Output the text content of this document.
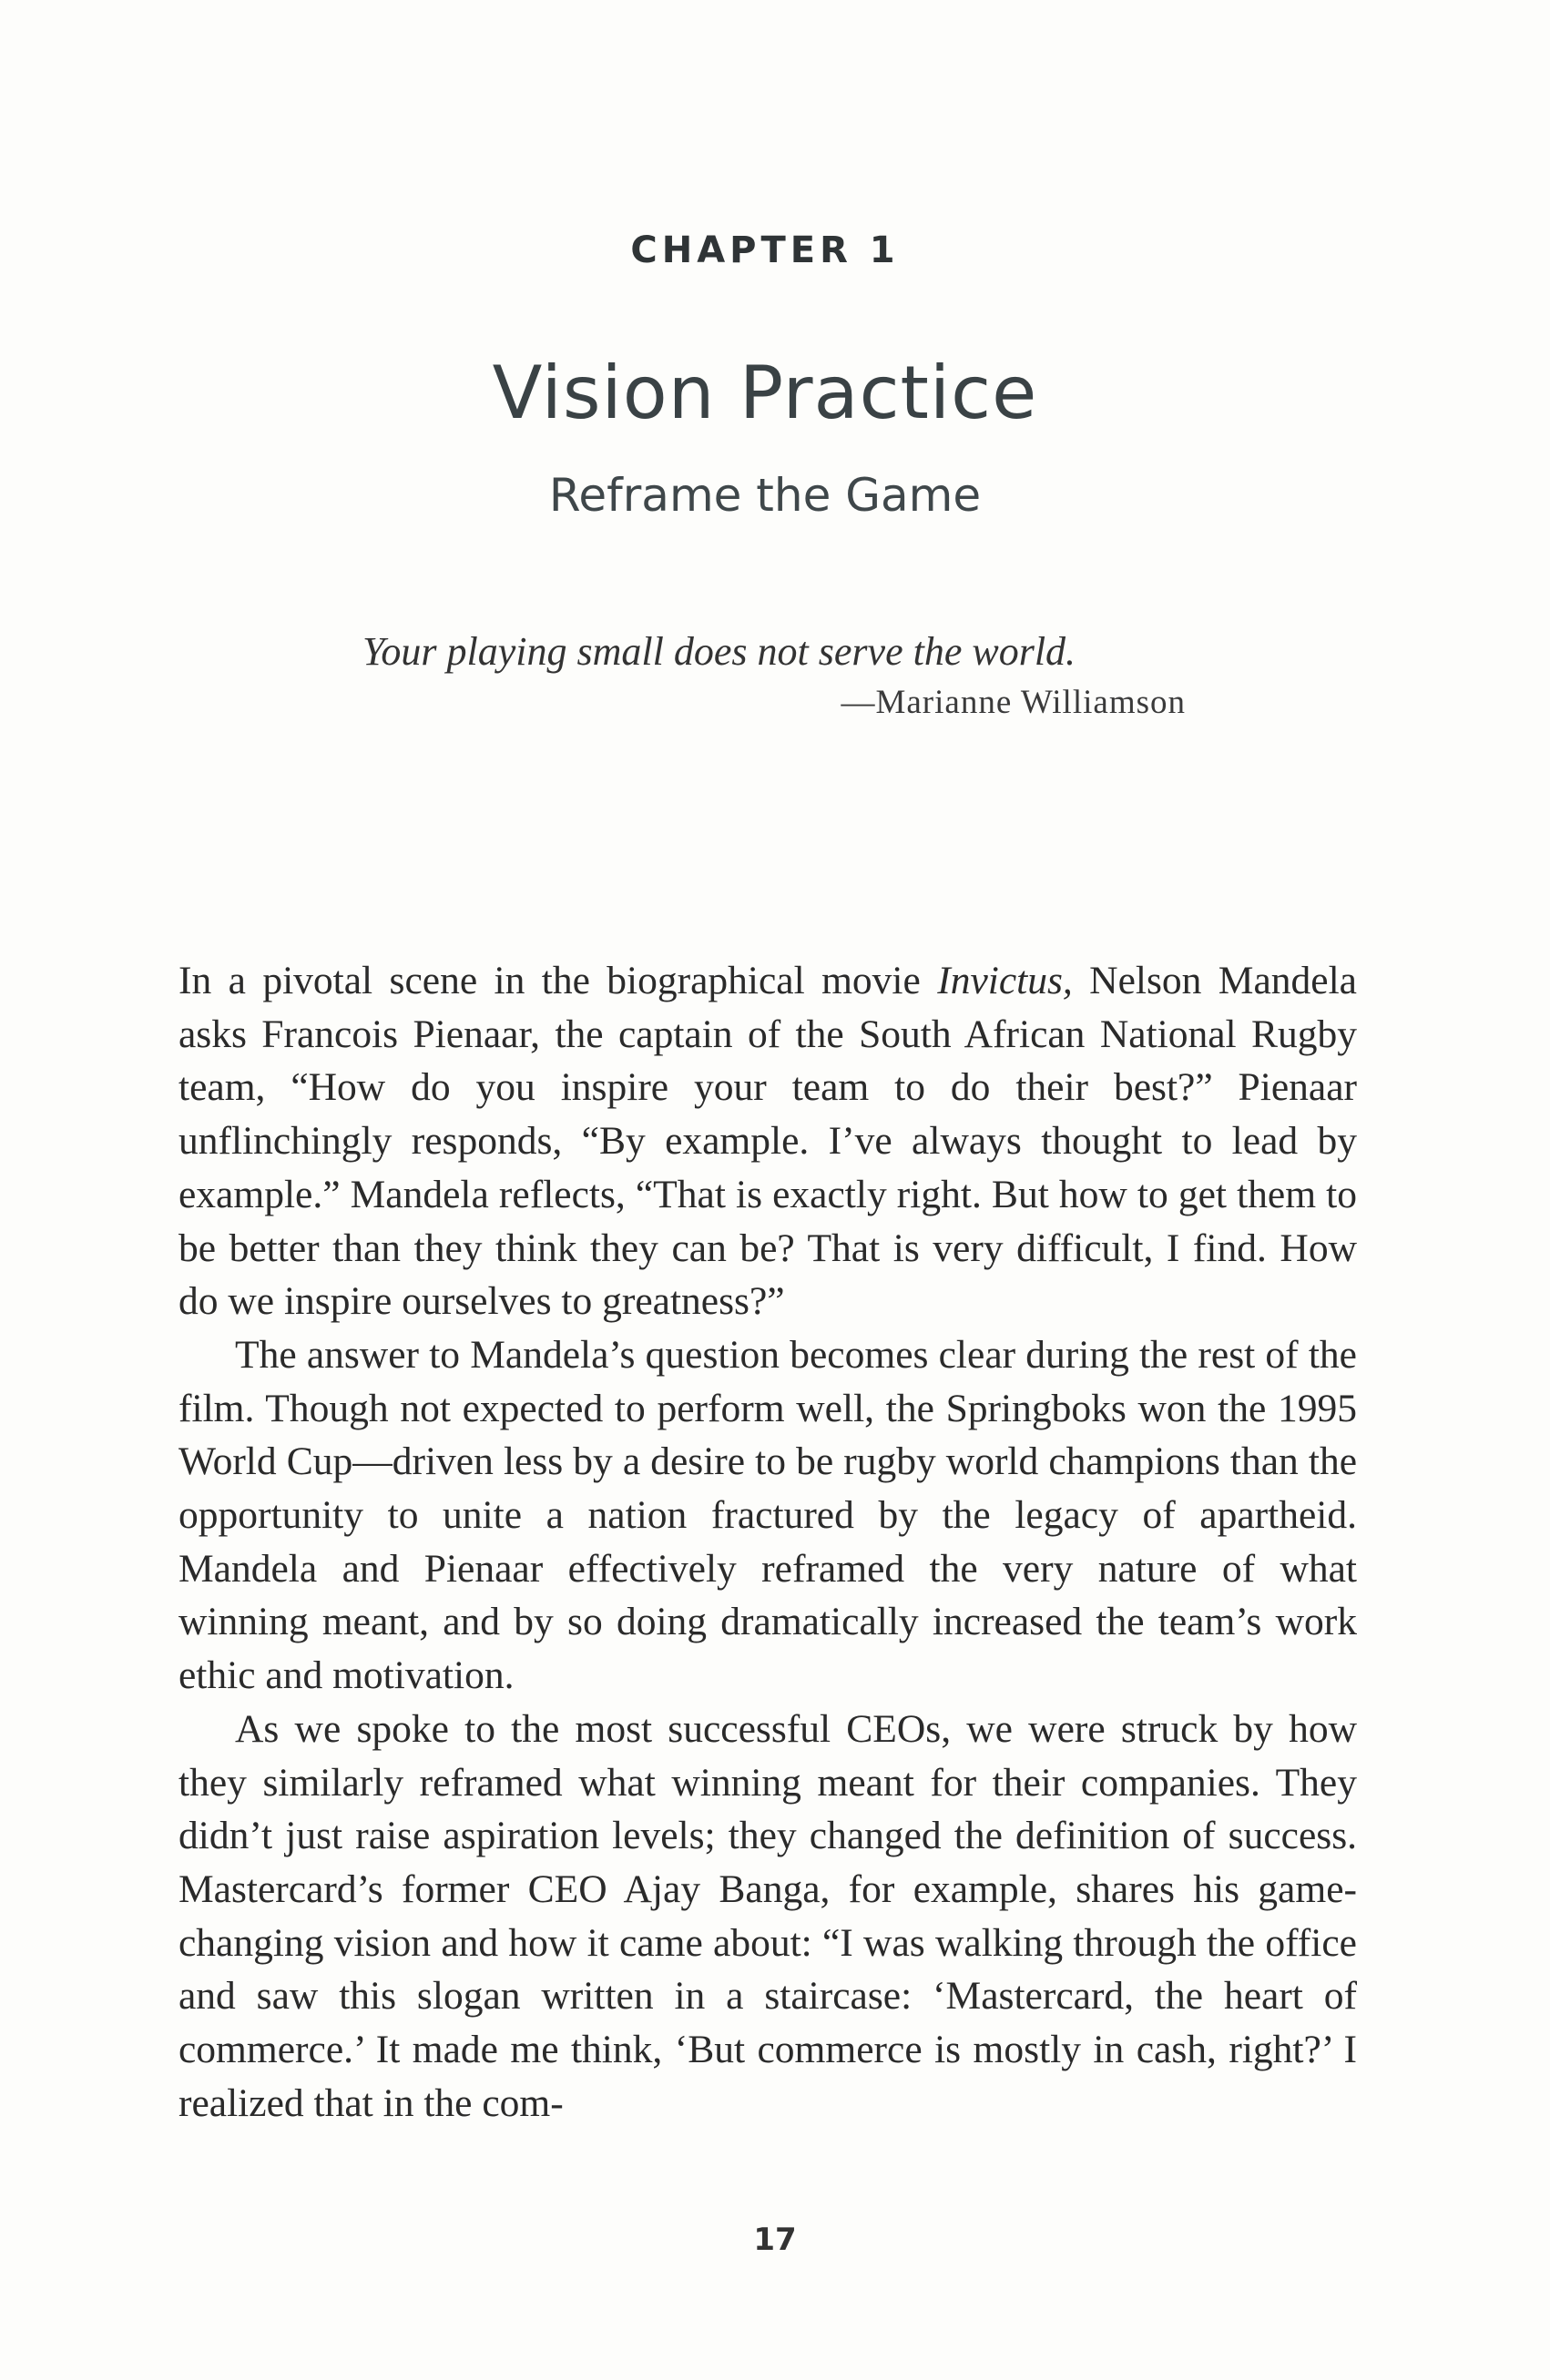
CHAPTER 1
Vision Practice
Reframe the Game
Your playing small does not serve the world.
—Marianne Williamson

In a pivotal scene in the biographical movie Invictus, Nelson Mandela asks Francois Pienaar, the captain of the South African National Rugby team, “How do you inspire your team to do their best?” Pienaar unflinchingly responds, “By example. I’ve always thought to lead by example.” Mandela reflects, “That is exactly right. But how to get them to be better than they think they can be? That is very difficult, I find. How do we inspire ourselves to greatness?”

The answer to Mandela’s question becomes clear during the rest of the film. Though not expected to perform well, the Springboks won the 1995 World Cup—driven less by a desire to be rugby world champions than the opportunity to unite a nation fractured by the legacy of apartheid. Mandela and Pienaar effectively reframed the very nature of what winning meant, and by so doing dramatically increased the team’s work ethic and motivation.

As we spoke to the most successful CEOs, we were struck by how they similarly reframed what winning meant for their companies. They didn’t just raise aspiration levels; they changed the definition of success. Mastercard’s former CEO Ajay Banga, for example, shares his game-changing vision and how it came about: “I was walking through the office and saw this slogan written in a staircase: ‘Mastercard, the heart of commerce.’ It made me think, ‘But commerce is mostly in cash, right?’ I realized that in the com-

17
